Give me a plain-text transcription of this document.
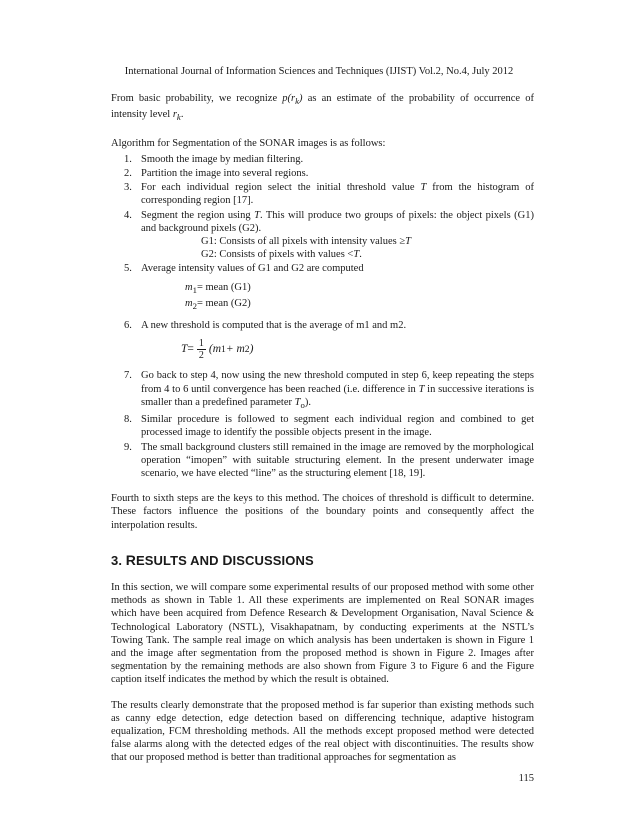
International Journal of Information Sciences and Techniques (IJIST) Vol.2, No.4, July 2012

From basic probability, we recognize $p(r_k)$ as an estimate of the probability of occurrence of intensity level $r_k$.

Algorithm for Segmentation of the SONAR images is as follows:

1. Smooth the image by median filtering.
2. Partition the image into several regions.
3. For each individual region select the initial threshold value T from the histogram of corresponding region [17].
4. Segment the region using T. This will produce two groups of pixels: the object pixels (G1) and background pixels (G2).
G1: Consists of all pixels with intensity values ≥T
G2: Consists of pixels with values <T.
5. Average intensity values of G1 and G2 are computed
$m_1=$ mean (G1)
$m_2=$ mean (G2)
6. A new threshold is computed that is the average of m1 and m2.
$T = \frac{1}{2} (m$ 1 + m 2 )
7. Go back to step 4, now using the new threshold computed in step 6, keep repeating the steps from 4 to 6 until convergence has been reached (i.e. difference in T in successive iterations is smaller than a predefined parameter $T_o$).
8. Similar procedure is followed to segment each individual region and combined to get processed image to identify the possible objects present in the image.
9. The small background clusters still remained in the image are removed by the morphological operation “imopen” with suitable structuring element. In the present underwater image scenario, we have elected “line” as the structuring element [18, 19].

Fourth to sixth steps are the keys to this method. The choices of threshold is difficult to determine. These factors influence the positions of the boundary points and consequently affect the interpolation results.

3. RESULTS AND DISCUSSIONS

In this section, we will compare some experimental results of our proposed method with some other methods as shown in Table 1. All these experiments are implemented on Real SONAR images which have been acquired from Defence Research & Development Organisation, Naval Science & Technological Laboratory (NSTL), Visakhapatnam, by conducting experiments at the NSTL’s Towing Tank. The sample real image on which analysis has been undertaken is shown in Figure 1 and the image after segmentation from the proposed method is shown in Figure 2. Images after segmentation by the remaining methods are also shown from Figure 3 to Figure 6 and the Figure caption itself indicates the method by which the result is obtained.

The results clearly demonstrate that the proposed method is far superior than existing methods such as canny edge detection, edge detection based on differencing technique, adaptive histogram equalization, FCM thresholding methods. All the methods except proposed method were detected false alarms along with the detected edges of the real object with discontinuities. The results show that our proposed method is better than traditional approaches for segmentation as

115
